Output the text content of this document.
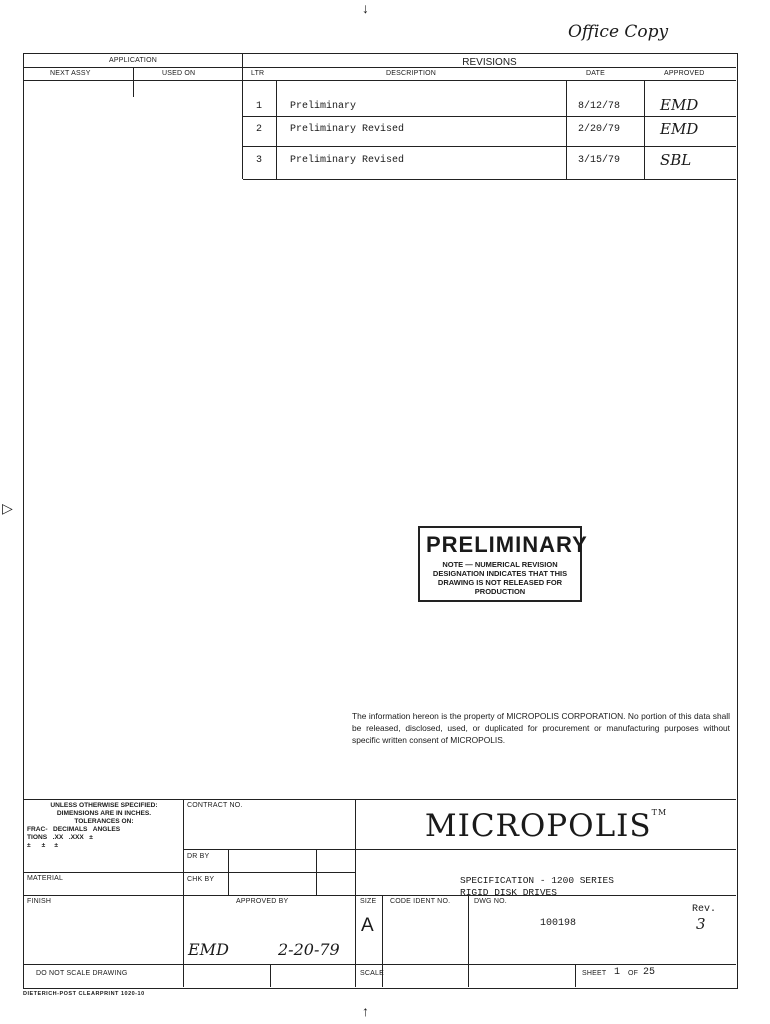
↓
↑
▷
Office Copy
APPLICATION
NEXT ASSY	USED ON
REVISIONS
LTR	DESCRIPTION	DATE	APPROVED
1	Preliminary	8/12/78	EMD
2	Preliminary Revised	2/20/79	EMD
3	Preliminary Revised	3/15/79	SBL
PRELIMINARY
NOTE — NUMERICAL REVISION DESIGNATION INDICATES THAT THIS DRAWING IS NOT RELEASED FOR PRODUCTION
The information hereon is the property of MICROPOLIS CORPORATION. No portion of this data shall be released, disclosed, used, or duplicated for procurement or manufacturing purposes without specific written consent of MICROPOLIS.
UNLESS OTHERWISE SPECIFIED:
DIMENSIONS ARE IN INCHES.
TOLERANCES ON:
FRAC-   DECIMALS   ANGLES
TIONS   .XX   .XXX   ±
±      ±     ±
MATERIAL
FINISH
DO NOT SCALE DRAWING
CONTRACT NO.
DR BY
CHK BY
APPROVED BY
EMD	2-20-79
MICROPOLIS™
SPECIFICATION - 1200 SERIES
RIGID DISK DRIVES
SIZE
A
CODE IDENT NO.	DWG NO.
100198
Rev.
3
SCALE	SHEET 1 OF 25
DIETERICH-POST CLEARPRINT 1020-10
